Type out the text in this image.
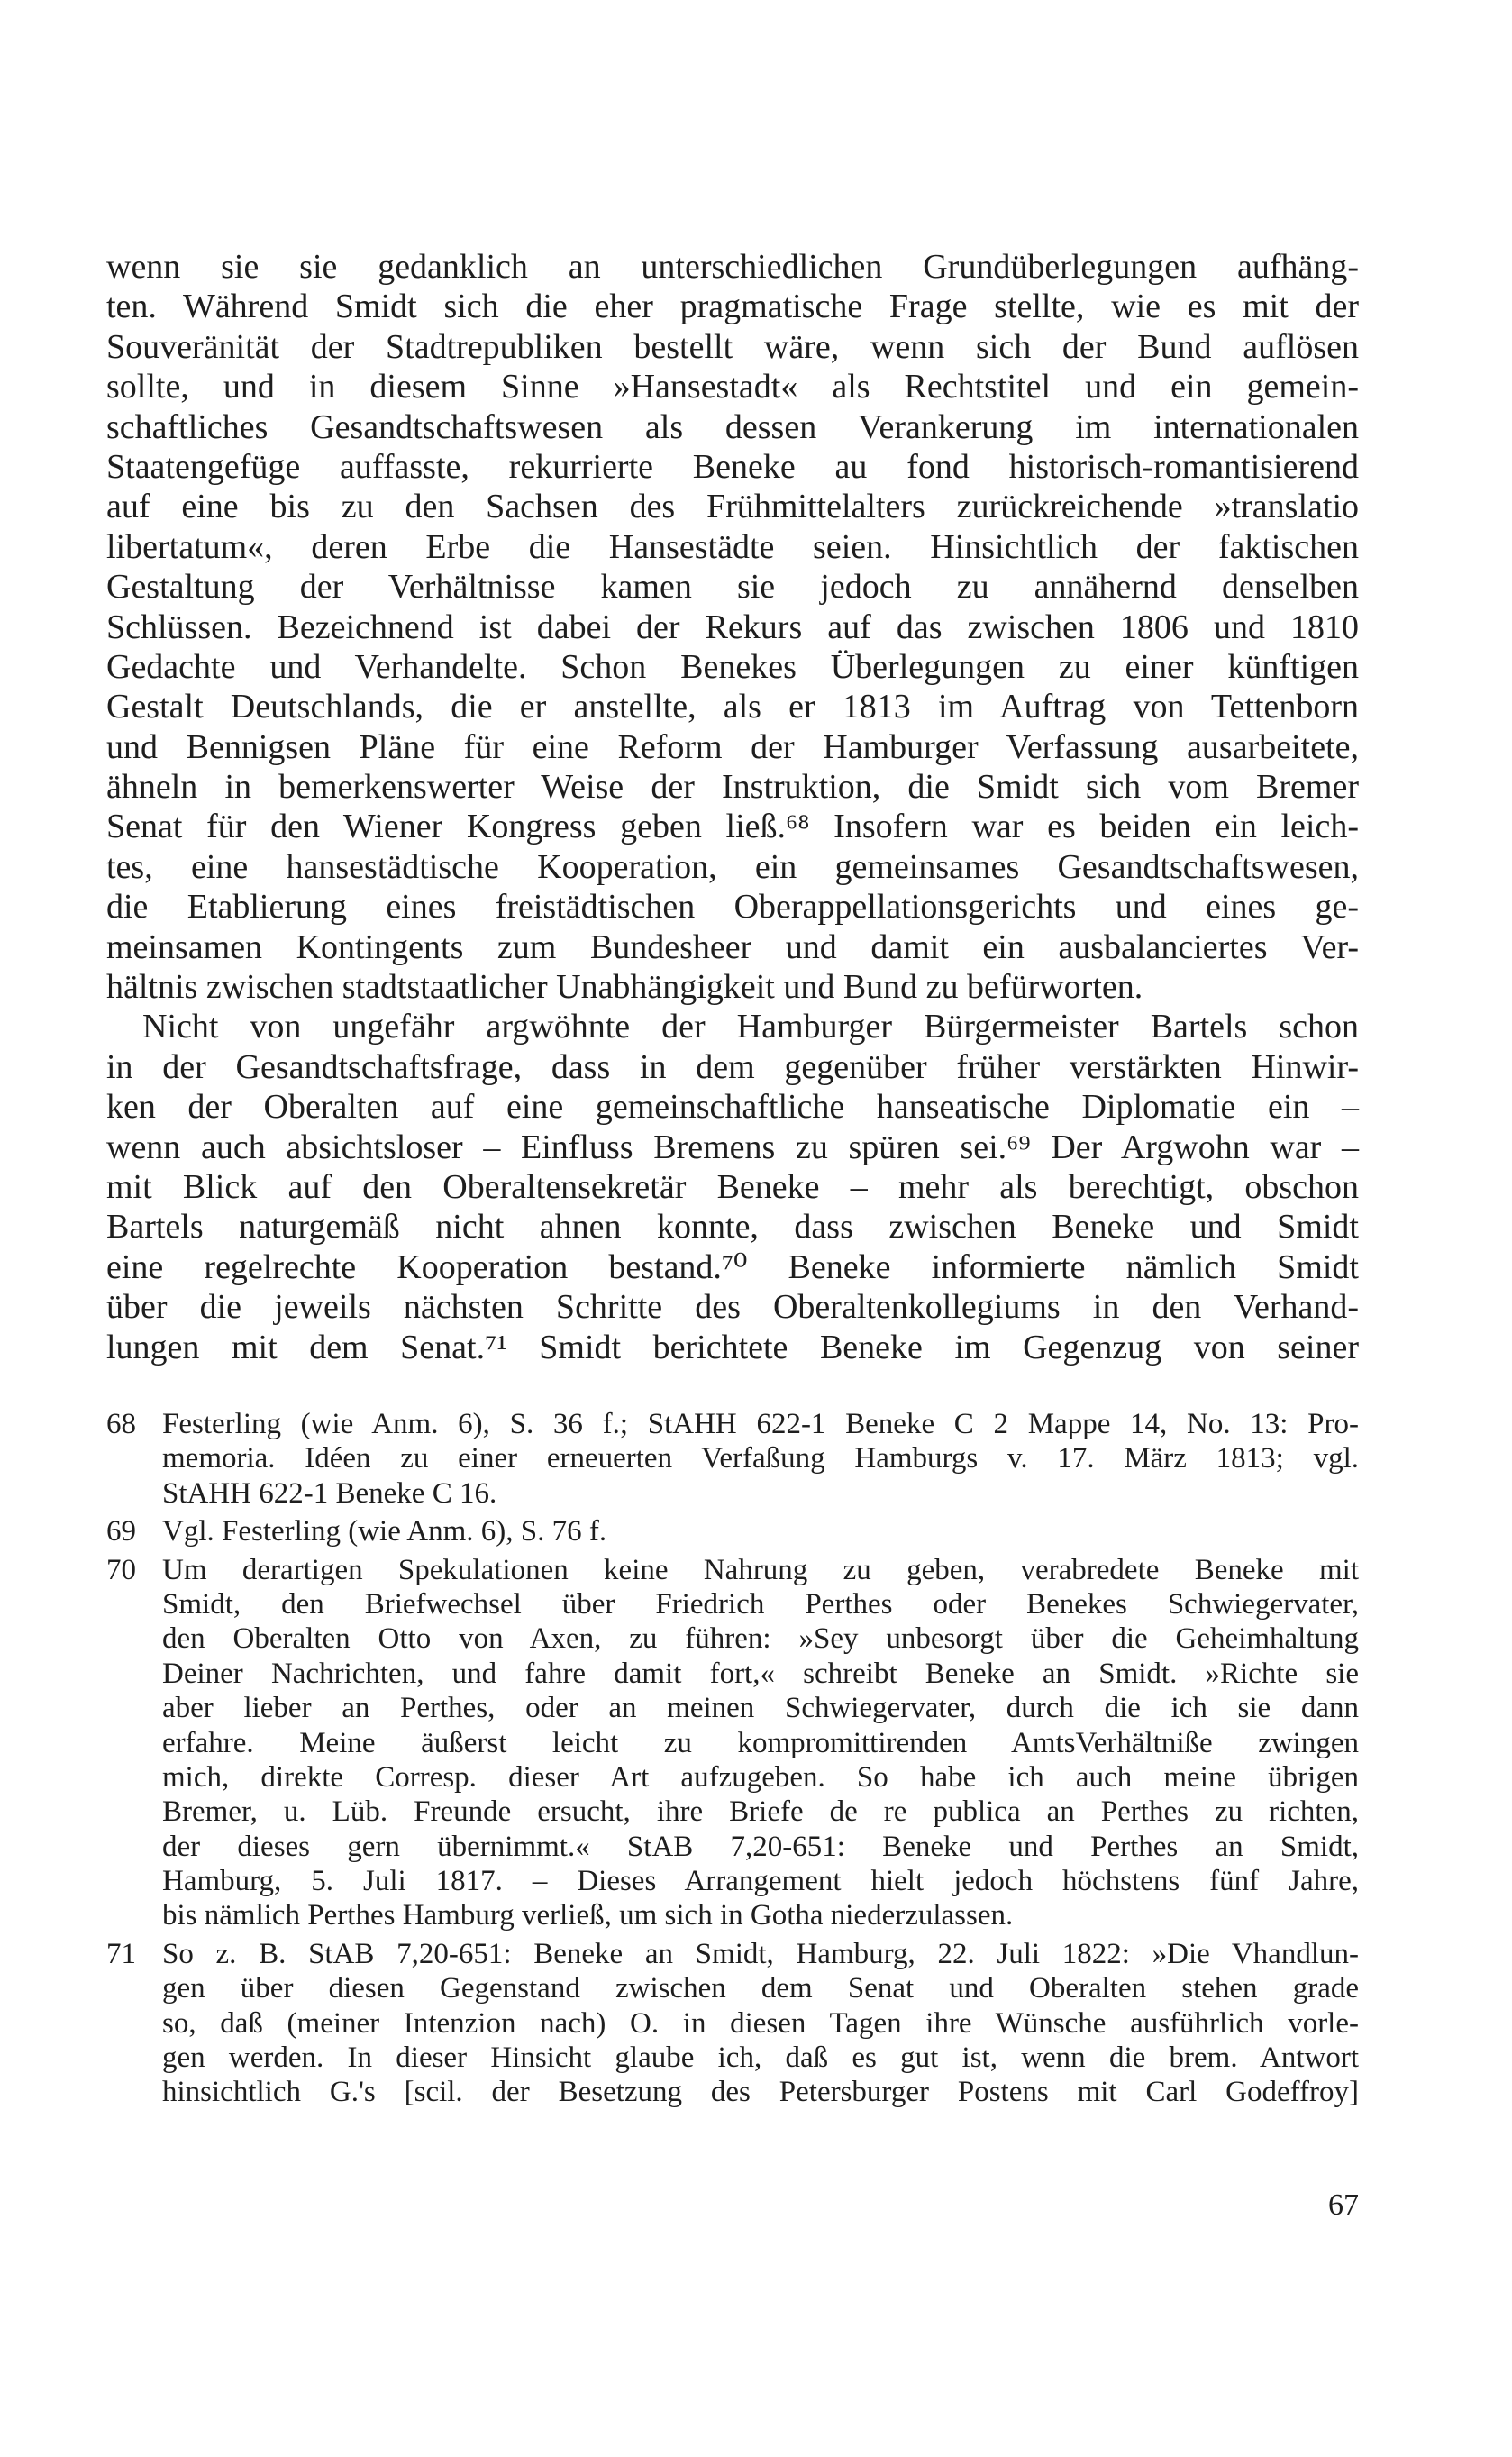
wenn sie sie gedanklich an unterschiedlichen Grundüberlegungen aufhäng-
ten. Während Smidt sich die eher pragmatische Frage stellte, wie es mit der
Souveränität der Stadtrepubliken bestellt wäre, wenn sich der Bund auflösen
sollte, und in diesem Sinne »Hansestadt« als Rechtstitel und ein gemein-
schaftliches Gesandtschaftswesen als dessen Verankerung im internationalen
Staatengefüge auffasste, rekurrierte Beneke au fond historisch-romantisierend
auf eine bis zu den Sachsen des Frühmittelalters zurückreichende »translatio
libertatum«, deren Erbe die Hansestädte seien. Hinsichtlich der faktischen
Gestaltung der Verhältnisse kamen sie jedoch zu annähernd denselben
Schlüssen. Bezeichnend ist dabei der Rekurs auf das zwischen 1806 und 1810
Gedachte und Verhandelte. Schon Benekes Überlegungen zu einer künftigen
Gestalt Deutschlands, die er anstellte, als er 1813 im Auftrag von Tettenborn
und Bennigsen Pläne für eine Reform der Hamburger Verfassung ausarbeitete,
ähneln in bemerkenswerter Weise der Instruktion, die Smidt sich vom Bremer
Senat für den Wiener Kongress geben ließ.⁶⁸ Insofern war es beiden ein leich-
tes, eine hansestädtische Kooperation, ein gemeinsames Gesandtschaftswesen,
die Etablierung eines freistädtischen Oberappellationsgerichts und eines ge-
meinsamen Kontingents zum Bundesheer und damit ein ausbalanciertes Ver-
hältnis zwischen stadtstaatlicher Unabhängigkeit und Bund zu befürworten.
Nicht von ungefähr argwöhnte der Hamburger Bürgermeister Bartels schon
in der Gesandtschaftsfrage, dass in dem gegenüber früher verstärkten Hinwir-
ken der Oberalten auf eine gemeinschaftliche hanseatische Diplomatie ein –
wenn auch absichtsloser – Einfluss Bremens zu spüren sei.⁶⁹ Der Argwohn war –
mit Blick auf den Oberaltensekretär Beneke – mehr als berechtigt, obschon
Bartels naturgemäß nicht ahnen konnte, dass zwischen Beneke und Smidt
eine regelrechte Kooperation bestand.⁷⁰ Beneke informierte nämlich Smidt
über die jeweils nächsten Schritte des Oberaltenkollegiums in den Verhand-
lungen mit dem Senat.⁷¹ Smidt berichtete Beneke im Gegenzug von seiner
68 Festerling (wie Anm. 6), S. 36 f.; StAHH 622-1 Beneke C 2 Mappe 14, No. 13: Pro-
memoria. Idéen zu einer erneuerten Verfaßung Hamburgs v. 17. März 1813; vgl.
StAHH 622-1 Beneke C 16.
69 Vgl. Festerling (wie Anm. 6), S. 76 f.
70 Um derartigen Spekulationen keine Nahrung zu geben, verabredete Beneke mit
Smidt, den Briefwechsel über Friedrich Perthes oder Benekes Schwiegervater,
den Oberalten Otto von Axen, zu führen: »Sey unbesorgt über die Geheimhaltung
Deiner Nachrichten, und fahre damit fort,« schreibt Beneke an Smidt. »Richte sie
aber lieber an Perthes, oder an meinen Schwiegervater, durch die ich sie dann
erfahre. Meine äußerst leicht zu kompromittirenden AmtsVerhältniße zwingen
mich, direkte Corresp. dieser Art aufzugeben. So habe ich auch meine übrigen
Bremer, u. Lüb. Freunde ersucht, ihre Briefe de re publica an Perthes zu richten,
der dieses gern übernimmt.« StAB 7,20-651: Beneke und Perthes an Smidt,
Hamburg, 5. Juli 1817. – Dieses Arrangement hielt jedoch höchstens fünf Jahre,
bis nämlich Perthes Hamburg verließ, um sich in Gotha niederzulassen.
71 So z. B. StAB 7,20-651: Beneke an Smidt, Hamburg, 22. Juli 1822: »Die Vhandlun-
gen über diesen Gegenstand zwischen dem Senat und Oberalten stehen grade
so, daß (meiner Intenzion nach) O. in diesen Tagen ihre Wünsche ausführlich vorle-
gen werden. In dieser Hinsicht glaube ich, daß es gut ist, wenn die brem. Antwort
hinsichtlich G.'s [scil. der Besetzung des Petersburger Postens mit Carl Godeffroy]
67
